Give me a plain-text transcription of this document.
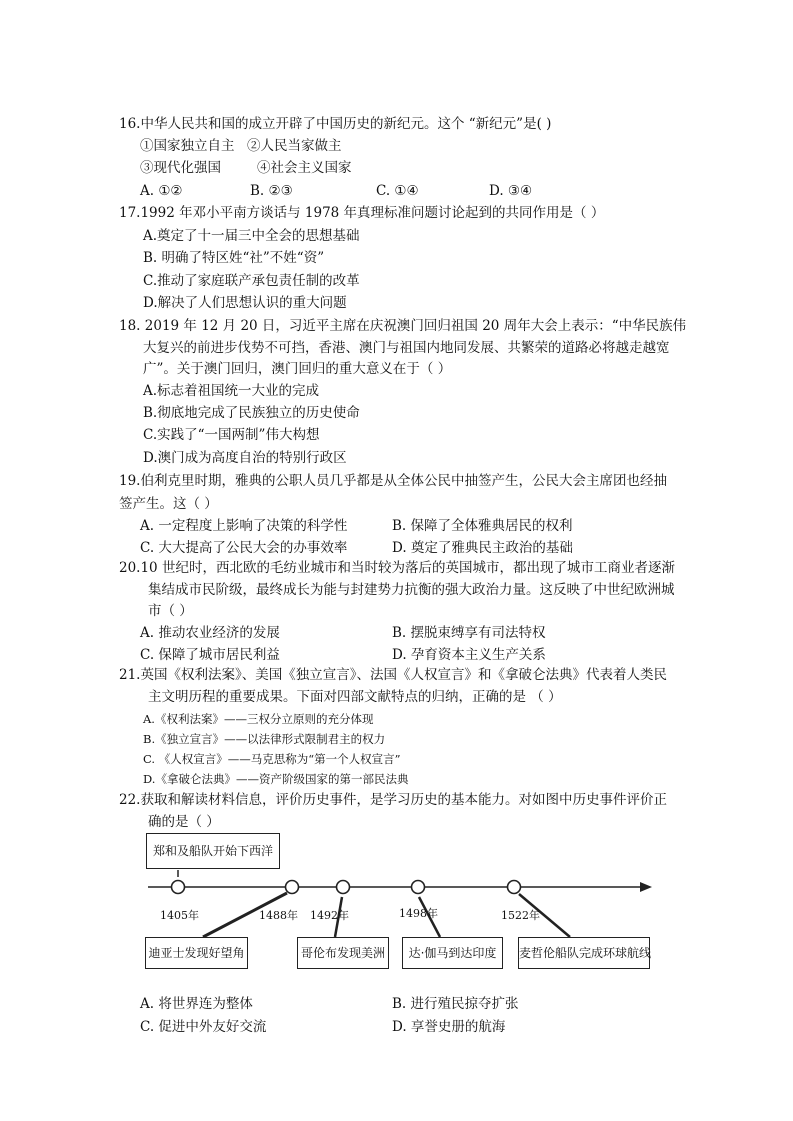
16.中华人民共和国的成立开辟了中国历史的新纪元。这个 “新纪元”是( )
①国家独立自主 ②人民当家做主
③现代化强国	④社会主义国家
A. ①②	B. ②③	C. ①④	D. ③④
17.1992 年邓小平南方谈话与 1978 年真理标准问题讨论起到的共同作用是（ ）
A.奠定了十一届三中全会的思想基础
B. 明确了特区姓“社”不姓“资”
C.推动了家庭联产承包责任制的改革
D.解决了人们思想认识的重大问题
18. 2019 年 12 月 20 日，习近平主席在庆祝澳门回归祖国 20 周年大会上表示：“中华民族伟
大复兴的前进步伐势不可挡，香港、澳门与祖国内地同发展、共繁荣的道路必将越走越宽
广”。关于澳门回归，澳门回归的重大意义在于（ ）
A.标志着祖国统一大业的完成
B.彻底地完成了民族独立的历史使命
C.实践了“一国两制”伟大构想
D.澳门成为高度自治的特别行政区
19.伯利克里时期，雅典的公职人员几乎都是从全体公民中抽签产生，公民大会主席团也经抽
签产生。这（ ）
A. 一定程度上影响了决策的科学性	B. 保障了全体雅典居民的权利
C. 大大提高了公民大会的办事效率	D. 奠定了雅典民主政治的基础
20.10 世纪时，西北欧的毛纺业城市和当时较为落后的英国城市，都出现了城市工商业者逐渐
集结成市民阶级，最终成长为能与封建势力抗衡的强大政治力量。这反映了中世纪欧洲城
市（ ）
A. 推动农业经济的发展	B. 摆脱束缚享有司法特权
C. 保障了城市居民利益	D. 孕育资本主义生产关系
21.英国《权利法案》、美国《独立宣言》、法国《人权宣言》和《拿破仑法典》代表着人类民
主文明历程的重要成果。下面对四部文献特点的归纳，正确的是 （ ）
A.《权利法案》——三权分立原则的充分体现
B.《独立宣言》——以法律形式限制君主的权力
C. 《人权宣言》——马克思称为“第一个人权宣言”
D.《拿破仑法典》——资产阶级国家的第一部民法典
22.获取和解读材料信息，评价历史事件，是学习历史的基本能力。对如图中历史事件评价正
确的是（ ）
郑和及船队开始下西洋
1405年	1488年 1492年	1498年	1522年
迪亚士发现好望角	哥伦布发现美洲	达·伽马到达印度	麦哲伦船队完成环球航线
A. 将世界连为整体	B. 进行殖民掠夺扩张
C. 促进中外友好交流	D. 享誉史册的航海
